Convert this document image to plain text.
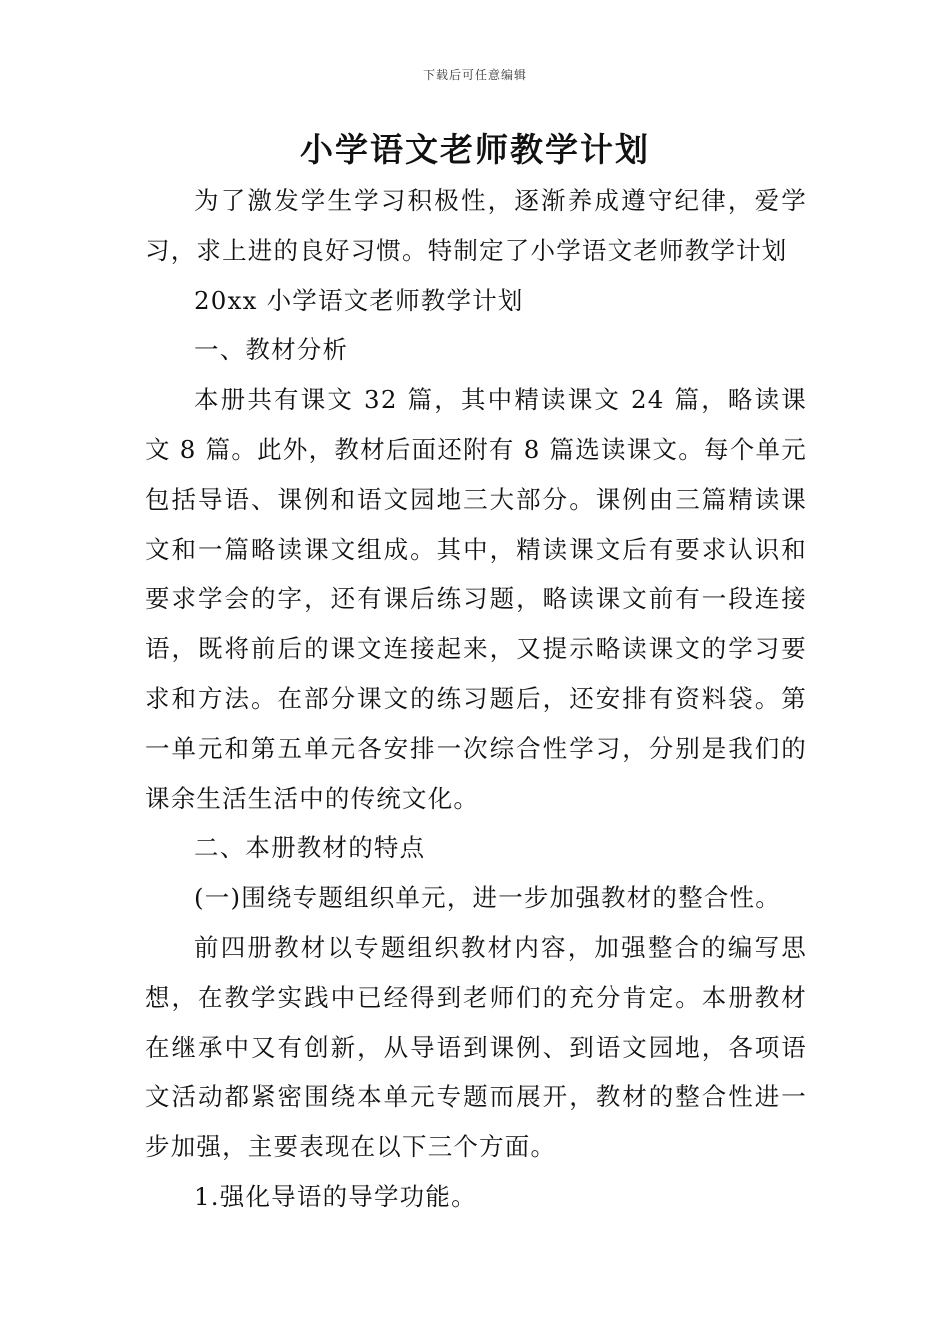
下载后可任意编辑
小学语文老师教学计划

为了激发学生学习积极性，逐渐养成遵守纪律，爱学习，求上进的良好习惯。特制定了小学语文老师教学计划

20xx 小学语文老师教学计划

一、教材分析

本册共有课文 32 篇，其中精读课文 24 篇，略读课文 8 篇。此外，教材后面还附有 8 篇选读课文。每个单元包括导语、课例和语文园地三大部分。课例由三篇精读课文和一篇略读课文组成。其中，精读课文后有要求认识和要求学会的字，还有课后练习题，略读课文前有一段连接语，既将前后的课文连接起来，又提示略读课文的学习要求和方法。在部分课文的练习题后，还安排有资料袋。第一单元和第五单元各安排一次综合性学习，分别是我们的课余生活生活中的传统文化。

二、本册教材的特点

(一)围绕专题组织单元，进一步加强教材的整合性。

前四册教材以专题组织教材内容，加强整合的编写思想，在教学实践中已经得到老师们的充分肯定。本册教材在继承中又有创新，从导语到课例、到语文园地，各项语文活动都紧密围绕本单元专题而展开，教材的整合性进一步加强，主要表现在以下三个方面。

1.强化导语的导学功能。
